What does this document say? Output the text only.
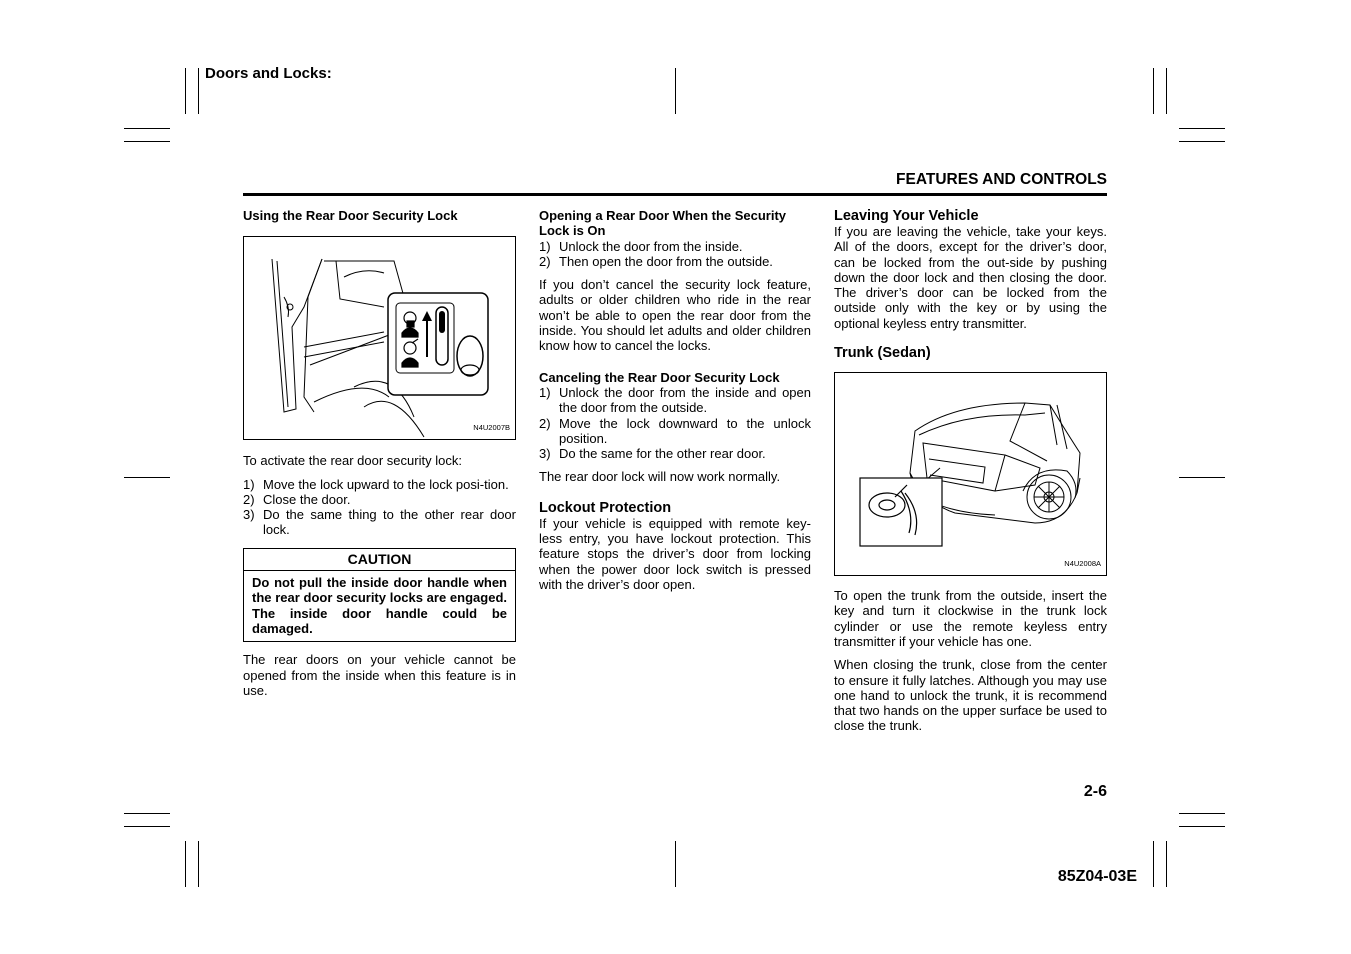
Doors and Locks:
FEATURES AND CONTROLS
Using the Rear Door Security Lock
N4U2007B

To activate the rear door security lock:

1) Move the lock upward to the lock posi-tion.
2) Close the door.
3) Do the same thing to the other rear door lock.
CAUTION
Do not pull the inside door handle when the rear door security locks are engaged. The inside door handle could be damaged.

The rear doors on your vehicle cannot be opened from the inside when this feature is in use.

Opening a Rear Door When the Security Lock is On
1) Unlock the door from the inside.
2) Then open the door from the outside.

If you don’t cancel the security lock feature, adults or older children who ride in the rear won’t be able to open the rear door from the inside. You should let adults and older children know how to cancel the locks.

Canceling the Rear Door Security Lock
1) Unlock the door from the inside and open the door from the outside.
2) Move the lock downward to the unlock position.
3) Do the same for the other rear door.

The rear door lock will now work normally.

Lockout Protection

If your vehicle is equipped with remote key-less entry, you have lockout protection. This feature stops the driver’s door from locking when the power door lock switch is pressed with the driver’s door open.

Leaving Your Vehicle

If you are leaving the vehicle, take your keys. All of the doors, except for the driver’s door, can be locked from the out-side by pushing down the door lock and then closing the door. The driver’s door can be locked from the outside only with the key or by using the optional keyless entry transmitter.

Trunk (Sedan)
N4U2008A

To open the trunk from the outside, insert the key and turn it clockwise in the trunk lock cylinder or use the remote keyless entry transmitter if your vehicle has one.

When closing the trunk, close from the center to ensure it fully latches. Although you may use one hand to unlock the trunk, it is recommend that two hands on the upper surface be used to close the trunk.

2-6
85Z04-03E
